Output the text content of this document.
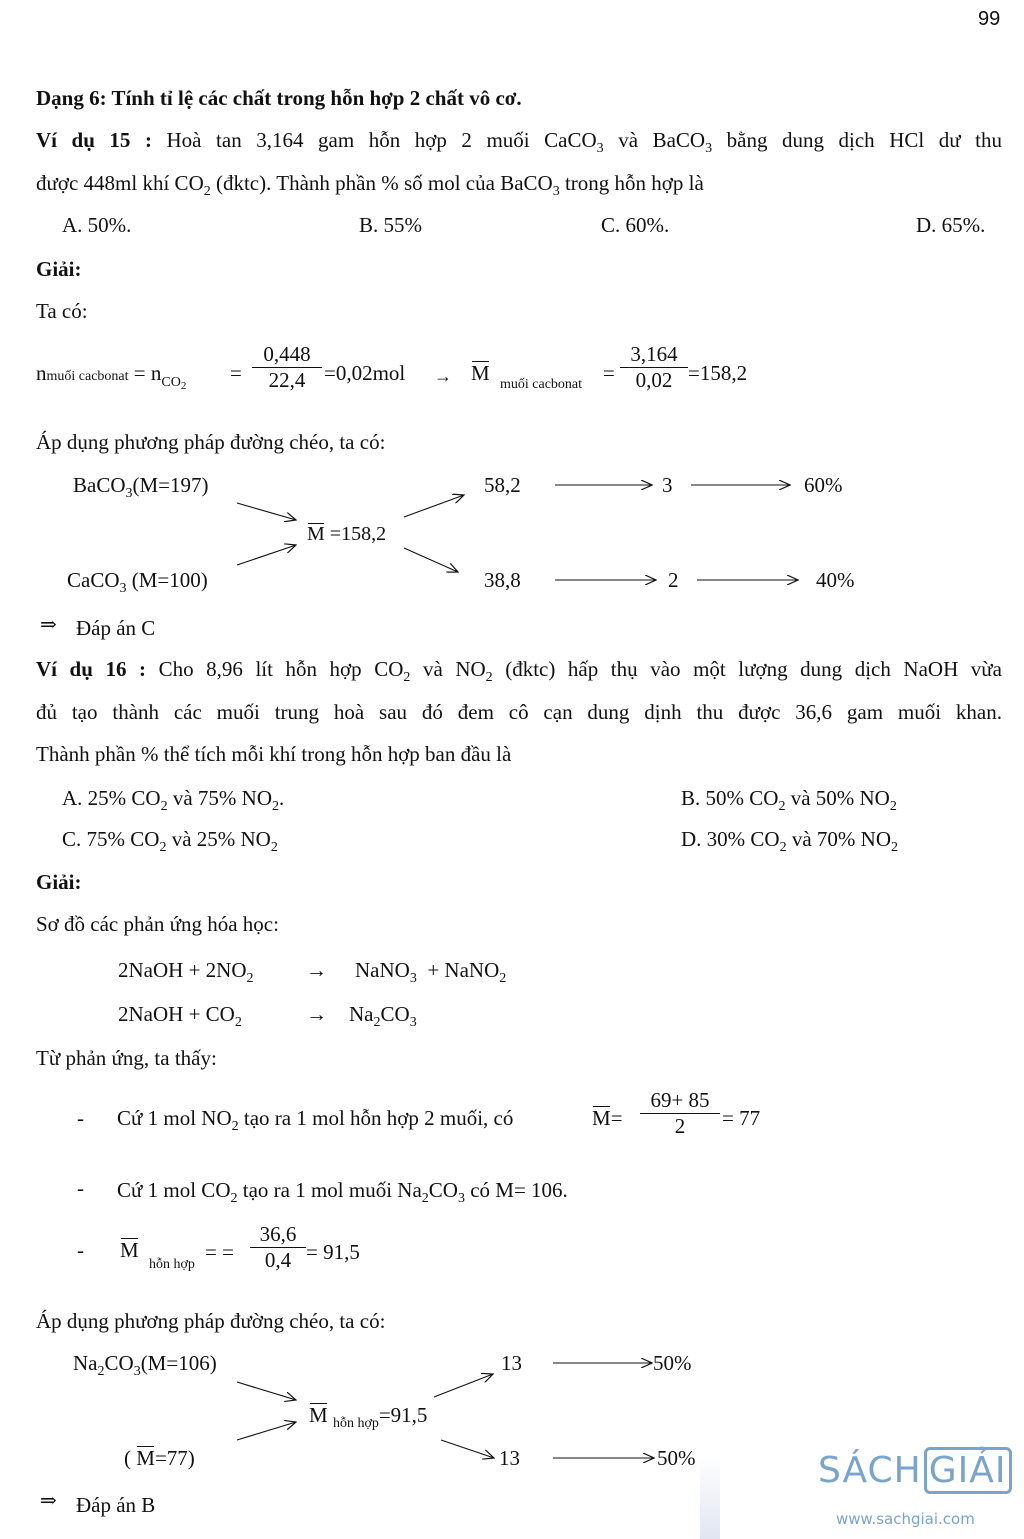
99
Dạng 6: Tính tỉ lệ các chất trong hỗn hợp 2 chất vô cơ.
Ví dụ 15 : Hoà tan 3,164 gam hỗn hợp 2 muối CaCO$_3$ và BaCO$_3$ bằng dung dịch HCl dư thu
được 448ml khí $CO_2$ (đktc). Thành phần % số mol của BaCO$_3$ trong hỗn hợp là
A. 50%.	B. 55%	C. 60%.	D. 65%.
Giải:
Ta có:
nmuối cacbonat = $n_{CO2}$
= $\frac{0,448}{22,4} =0,02mol \to M$ muối cacbonat = $\frac{3,164}{0,02} =158,2$
Áp dụng phương pháp đường chéo, ta có:
BaCO$_3$(M=197)
CaCO$_3$ (M=100)
M =158,2
58,2	3	60%
38,8	2	40%
⇒ Đáp án C
Ví dụ 16 : Cho 8,96 lít hỗn hợp $CO_2$ và $NO_2$ (đktc) hấp thụ vào một lượng dung dịch NaOH vừa
đủ tạo thành các muối trung hoà sau đó đem cô cạn dung dịnh thu được 36,6 gam muối khan.
Thành phần % thể tích mỗi khí trong hỗn hợp ban đầu là
A. 25% $CO_2$ và 75% $NO_2$.	B. 50% $CO_2$ và 50% $NO_2$
C. 75% $CO_2$ và 25% $NO_2$	D. 30% $CO_2$ và 70% $NO_2$
Giải:
Sơ đồ các phản ứng hóa học:
2NaOH + $2NO_2$	→ NaNO$_3$ + NaNO$_2$
2NaOH + $CO_2$	→ $Na_2CO_3$
Từ phản ứng, ta thấy:
- Cứ 1 mol $NO_2$ tạo ra 1 mol hỗn hợp 2 muối, có	$M= \frac{69+ 85}{2} = 77$
- Cứ 1 mol $CO_2$ tạo ra 1 mol muối $Na_2CO_3$ có M= 106.
- M
hỗn hợp
= = $\frac{36,6}{0,4} = 91,5$
Áp dụng phương pháp đường chéo, ta có:
$Na_2CO_3(M=106)$
( M=77)
M $_{hỗn hợp}$=91,5
13	50%
13	50%
⇒ Đáp án B
SÁCH GIẢI
www.sachgiai.com
